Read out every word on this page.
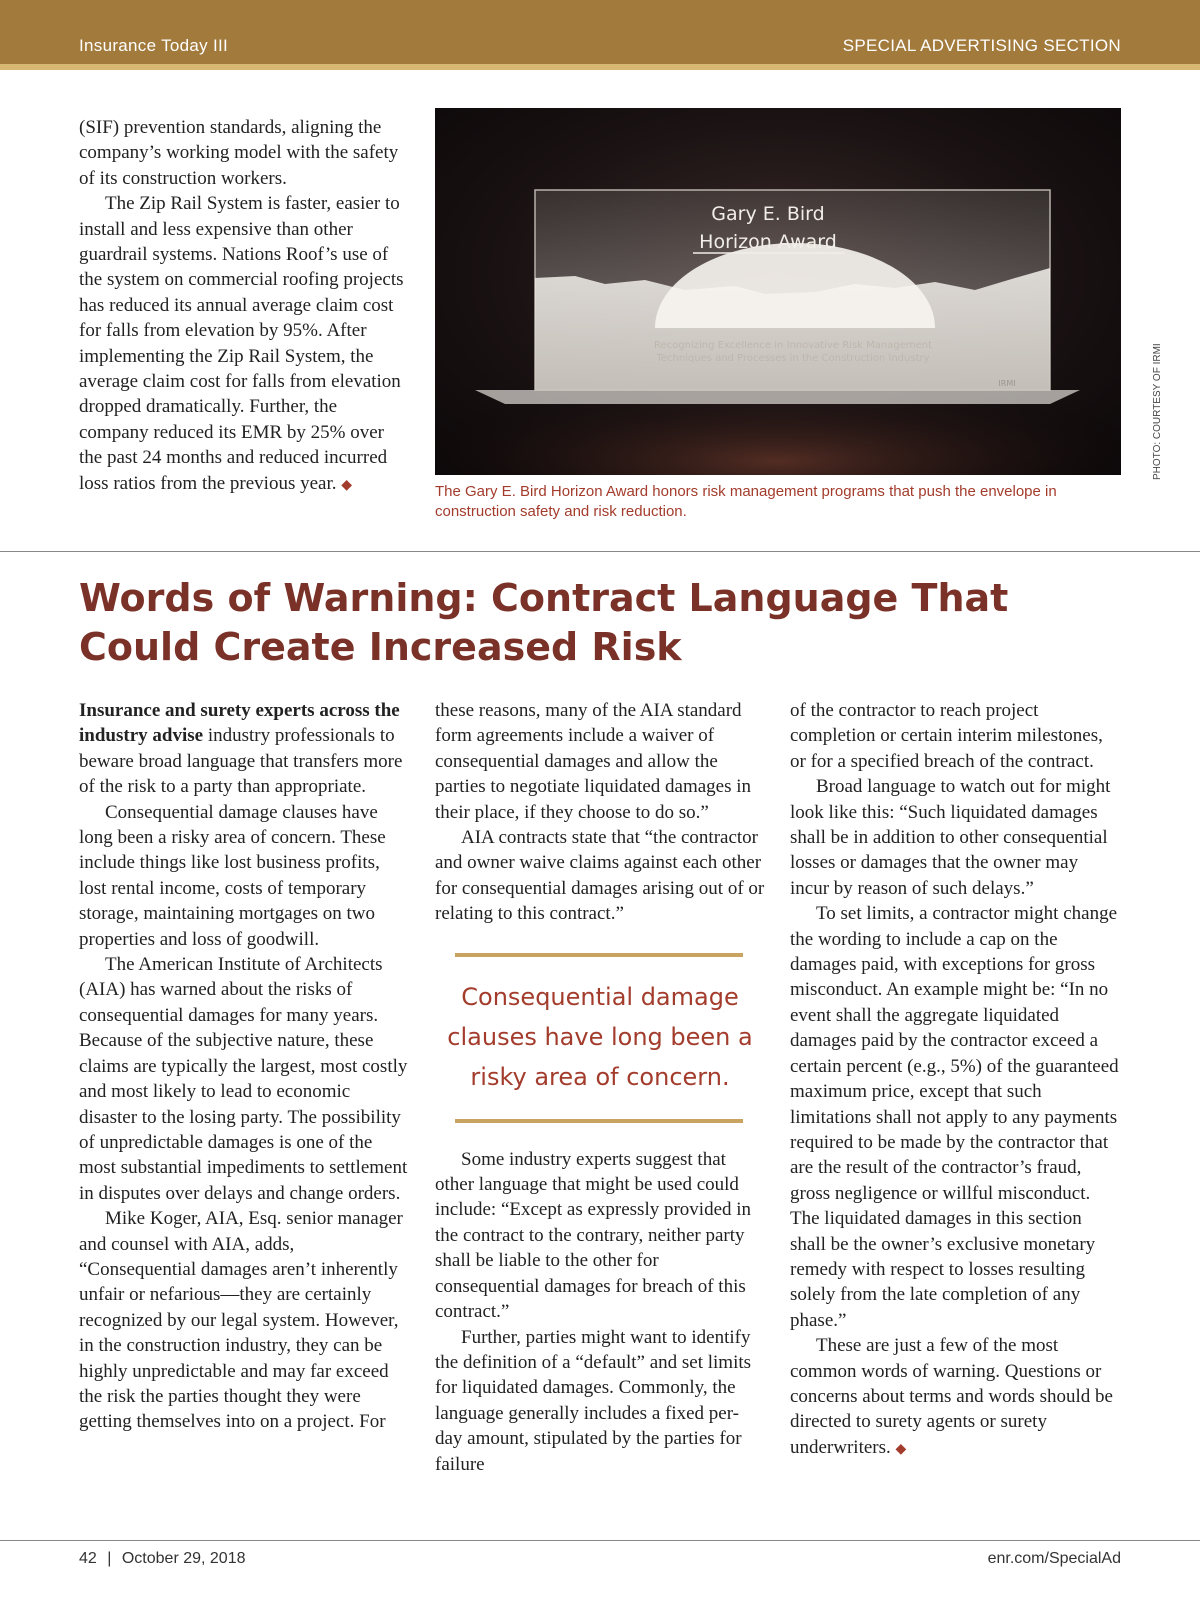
Insurance Today III	SPECIAL ADVERTISING SECTION

(SIF) prevention standards, aligning the company’s working model with the safety of its construction workers.

The Zip Rail System is faster, easier to install and less expensive than other guardrail systems. Nations Roof’s use of the system on commercial roofing projects has reduced its annual average claim cost for falls from elevation by 95%. After implementing the Zip Rail System, the average claim cost for falls from elevation dropped dramatically. Further, the company reduced its EMR by 25% over the past 24 months and reduced incurred loss ratios from the previous year. ◆

Gary E. Bird
Horizon Award
Recognizing Excellence in Innovative Risk Management
Techniques and Processes in the Construction Industry
IRMI
The Gary E. Bird Horizon Award honors risk management programs that push the envelope in construction safety and risk reduction.
PHOTO: COURTESY OF IRMI
Words of Warning: Contract Language That Could Create Increased Risk

Insurance and surety experts across the industry advise industry professionals to beware broad language that transfers more of the risk to a party than appropriate.

Consequential damage clauses have long been a risky area of concern. These include things like lost business profits, lost rental income, costs of temporary storage, maintaining mortgages on two properties and loss of goodwill.

The American Institute of Architects (AIA) has warned about the risks of consequential damages for many years. Because of the subjective nature, these claims are typically the largest, most costly and most likely to lead to economic disaster to the losing party. The possibility of unpredictable damages is one of the most substantial impediments to settlement in disputes over delays and change orders.

Mike Koger, AIA, Esq. senior manager and counsel with AIA, adds, “Consequential damages aren’t inherently unfair or nefarious—they are certainly recognized by our legal system. However, in the construction industry, they can be highly unpredictable and may far exceed the risk the parties thought they were getting themselves into on a project. For

these reasons, many of the AIA standard form agreements include a waiver of consequential damages and allow the parties to negotiate liquidated damages in their place, if they choose to do so.”

AIA contracts state that “the contractor and owner waive claims against each other for consequential damages arising out of or relating to this contract.”

Consequential damage clauses have long been a risky area of concern.

Some industry experts suggest that other language that might be used could include: “Except as expressly provided in the contract to the contrary, neither party shall be liable to the other for consequential damages for breach of this contract.”

Further, parties might want to identify the definition of a “default” and set limits for liquidated damages. Commonly, the language generally includes a fixed per-day amount, stipulated by the parties for failure

of the contractor to reach project completion or certain interim milestones, or for a specified breach of the contract.

Broad language to watch out for might look like this: “Such liquidated damages shall be in addition to other consequential losses or damages that the owner may incur by reason of such delays.”

To set limits, a contractor might change the wording to include a cap on the damages paid, with exceptions for gross misconduct. An example might be: “In no event shall the aggregate liquidated damages paid by the contractor exceed a certain percent (e.g., 5%) of the guaranteed maximum price, except that such limitations shall not apply to any payments required to be made by the contractor that are the result of the contractor’s fraud, gross negligence or willful misconduct. The liquidated damages in this section shall be the owner’s exclusive monetary remedy with respect to losses resulting solely from the late completion of any phase.”

These are just a few of the most common words of warning. Questions or concerns about terms and words should be directed to surety agents or surety underwriters. ◆

42 | October 29, 2018	enr.com/SpecialAd
